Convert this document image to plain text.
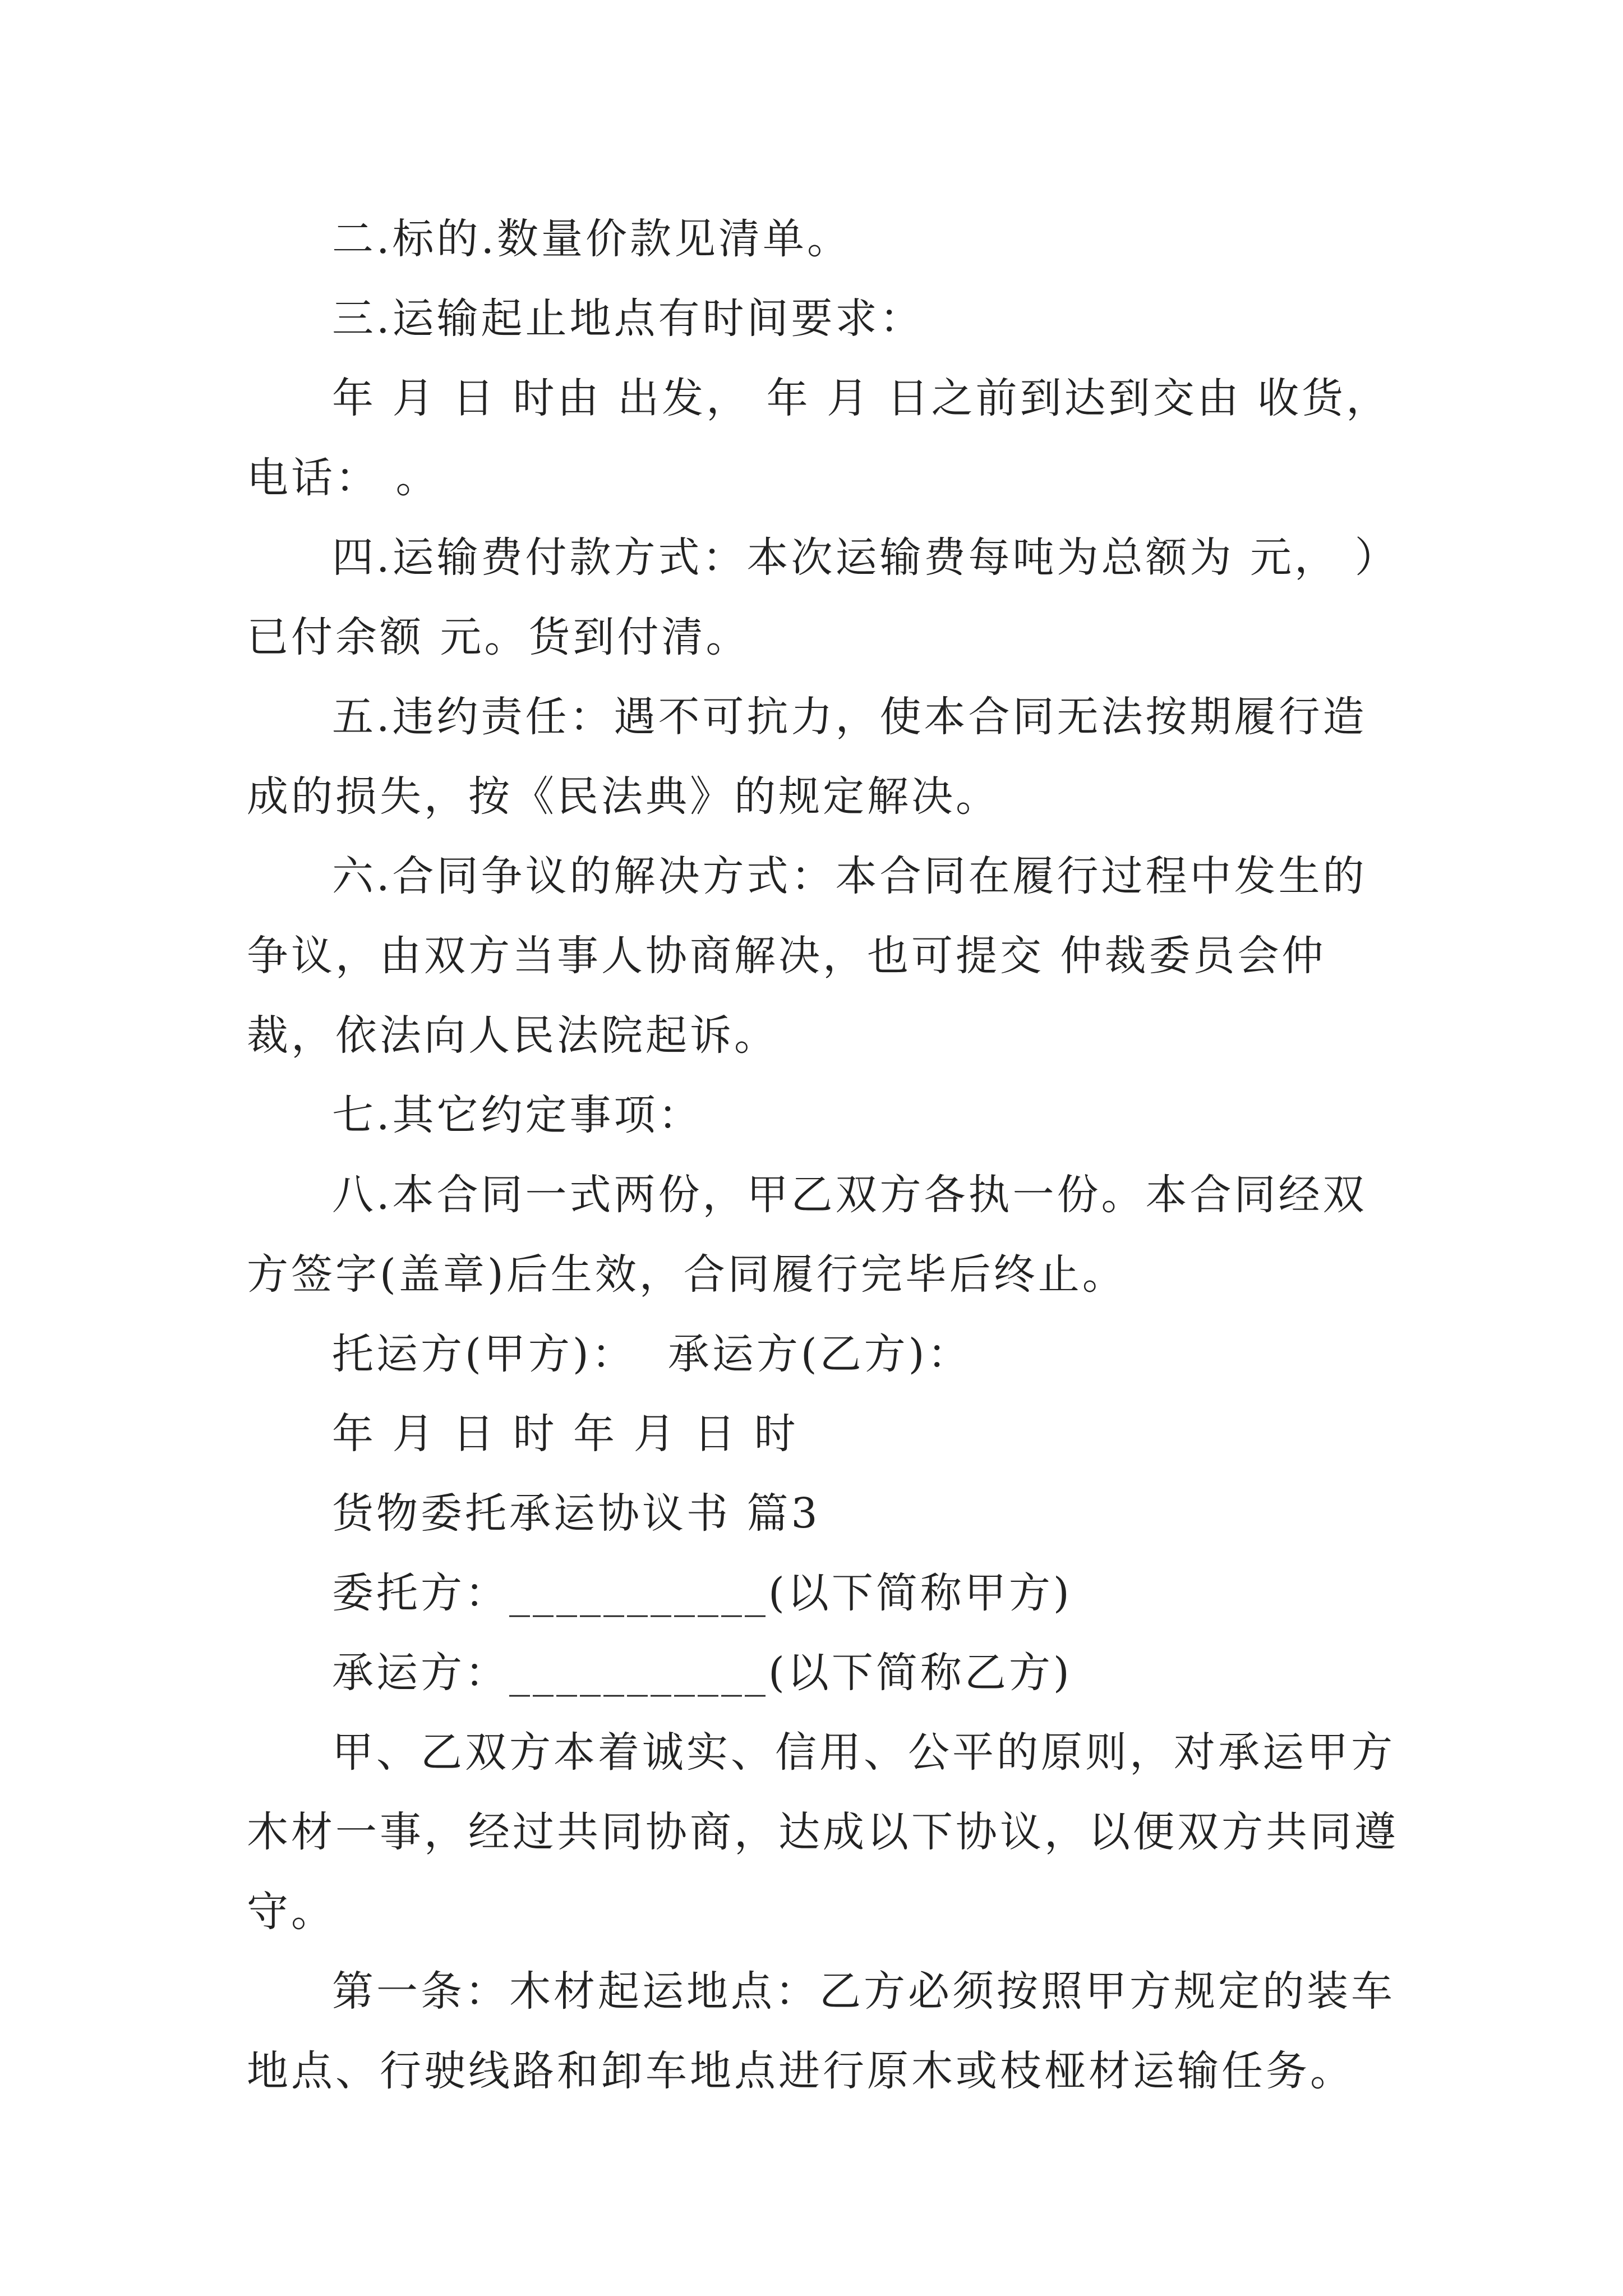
二.标的.数量价款见清单。

三.运输起止地点有时间要求：

年 月 日 时由 出发， 年 月 日之前到达到交由 收货，电话： 。

四.运输费付款方式：本次运输费每吨为总额为 元， ）已付余额 元。货到付清。

五.违约责任：遇不可抗力，使本合同无法按期履行造成的损失，按《民法典》的规定解决。

六.合同争议的解决方式：本合同在履行过程中发生的争议，由双方当事人协商解决，也可提交 仲裁委员会仲裁，依法向人民法院起诉。

七.其它约定事项：

八.本合同一式两份，甲乙双方各执一份。本合同经双方签字(盖章)后生效，合同履行完毕后终止。

托运方(甲方)：  承运方(乙方)：

年 月 日 时 年 月 日 时

货物委托承运协议书 篇3

委托方：___________(以下简称甲方)

承运方：___________(以下简称乙方)

甲、乙双方本着诚实、信用、公平的原则，对承运甲方木材一事，经过共同协商，达成以下协议，以便双方共同遵守。

第一条：木材起运地点：乙方必须按照甲方规定的装车地点、行驶线路和卸车地点进行原木或枝桠材运输任务。
